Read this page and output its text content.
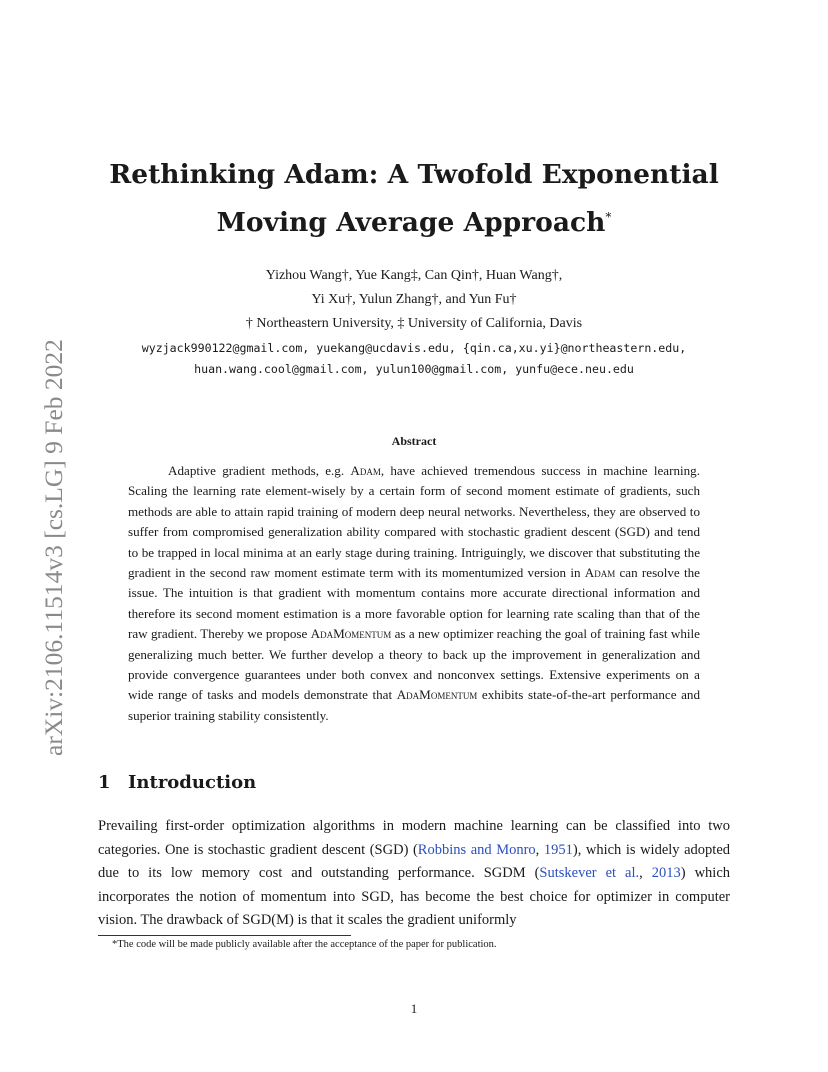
arXiv:2106.11514v3 [cs.LG] 9 Feb 2022
Rethinking Adam: A Twofold Exponential
Moving Average Approach*
Yizhou Wang†, Yue Kang‡, Can Qin†, Huan Wang†,
Yi Xu†, Yulun Zhang†, and Yun Fu†
† Northeastern University, ‡ University of California, Davis
wyzjack990122@gmail.com, yuekang@ucdavis.edu, {qin.ca,xu.yi}@northeastern.edu,
huan.wang.cool@gmail.com, yulun100@gmail.com, yunfu@ece.neu.edu
Abstract
Adaptive gradient methods, e.g. Adam, have achieved tremendous success in machine learning. Scaling the learning rate element-wisely by a certain form of second moment estimate of gradients, such methods are able to attain rapid training of modern deep neural networks. Nevertheless, they are observed to suffer from compromised generalization ability compared with stochastic gradient descent (SGD) and tend to be trapped in local minima at an early stage during training. Intriguingly, we discover that substituting the gradient in the second raw moment estimate term with its momentumized version in Adam can resolve the issue. The intuition is that gradient with momentum contains more accurate directional information and therefore its second moment estimation is a more favorable option for learning rate scaling than that of the raw gradient. Thereby we propose AdaMomentum as a new optimizer reaching the goal of training fast while generalizing much better. We further develop a theory to back up the improvement in generalization and provide convergence guarantees under both convex and nonconvex settings. Extensive experiments on a wide range of tasks and models demonstrate that AdaMomentum exhibits state-of-the-art performance and superior training stability consistently.
1 Introduction
Prevailing first-order optimization algorithms in modern machine learning can be classified into two categories. One is stochastic gradient descent (SGD) (Robbins and Monro, 1951), which is widely adopted due to its low memory cost and outstanding performance. SGDM (Sutskever et al., 2013) which incorporates the notion of momentum into SGD, has become the best choice for optimizer in computer vision. The drawback of SGD(M) is that it scales the gradient uniformly
*The code will be made publicly available after the acceptance of the paper for publication.
1
